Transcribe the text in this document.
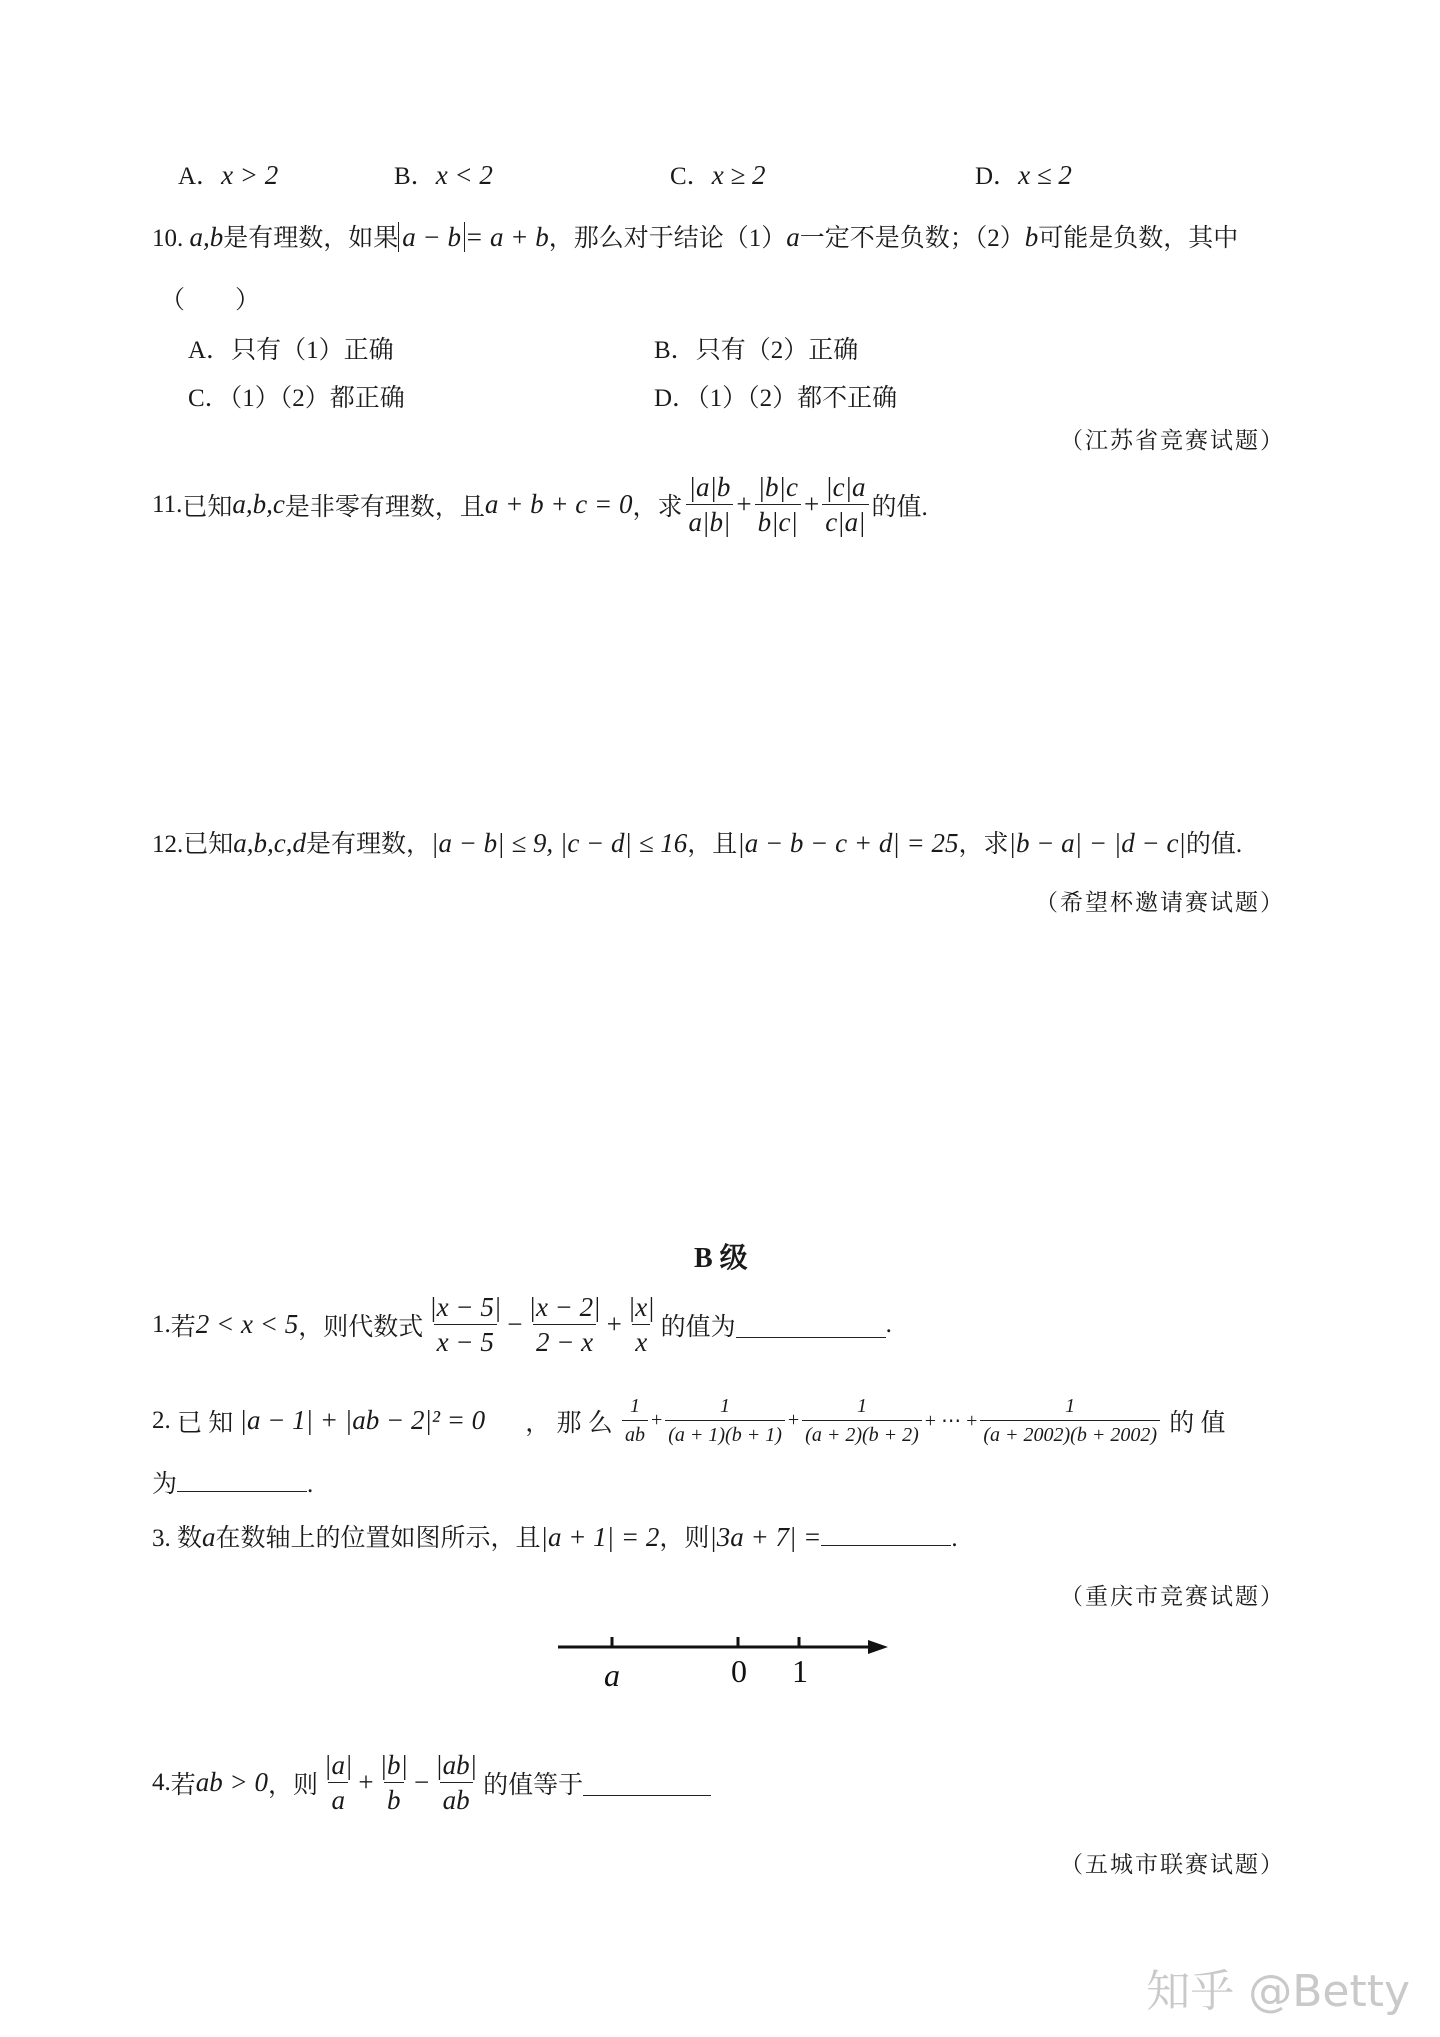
A．x > 2	B．x < 2	C．x ≥ 2	D．x ≤ 2
10. a,b是有理数，如果 a − b = a + b，那么对于结论（1）a一定不是负数；（2）b可能是负数，其中
（　　）
A．只有（1）正确	B．只有（2）正确
C．（1）（2）都正确	D．（1）（2）都不正确
（江苏省竞赛试题）
11. 已知 a,b,c 是非零有理数，且 a + b + c = 0 ，求 $\frac{|a|b}{a|b|} + \frac{|b|c}{b|c|} + \frac{|c|a}{c|a|}$ 的值.
12.已知a,b,c,d是有理数，|a − b| ≤ 9, |c − d| ≤ 16，且|a − b − c + d| = 25，求|b − a| − |d − c|的值.
（希望杯邀请赛试题）
B 级
1. 若 2 < x < 5 ，则代数式 $\frac{|x - 5|}{x - 5} - \frac{|x - 2|}{2 - x} + \frac{|x|}{x}$ 的值为	.
2.
已 知
|a − 1| + |ab − 2|² = 0 ， 那 么
$\frac{1}{ab} + \frac{1}{(a + 1)(b + 1)} + \frac{1}{(a + 2)(b + 2)}$ + ⋯ + $\frac{1}{(a + 2002)(b + 2002)}$
的 值
为	.
3. 数a在数轴上的位置如图所示，且|a + 1| = 2，则|3a + 7| =	.
（重庆市竞赛试题）
a	0 1
4. 若 ab > 0 ，则 $\frac{|a|}{a} + \frac{|b|}{b} - \frac{|ab|}{ab}$ 的值等于
（五城市联赛试题）
知乎 @Betty
